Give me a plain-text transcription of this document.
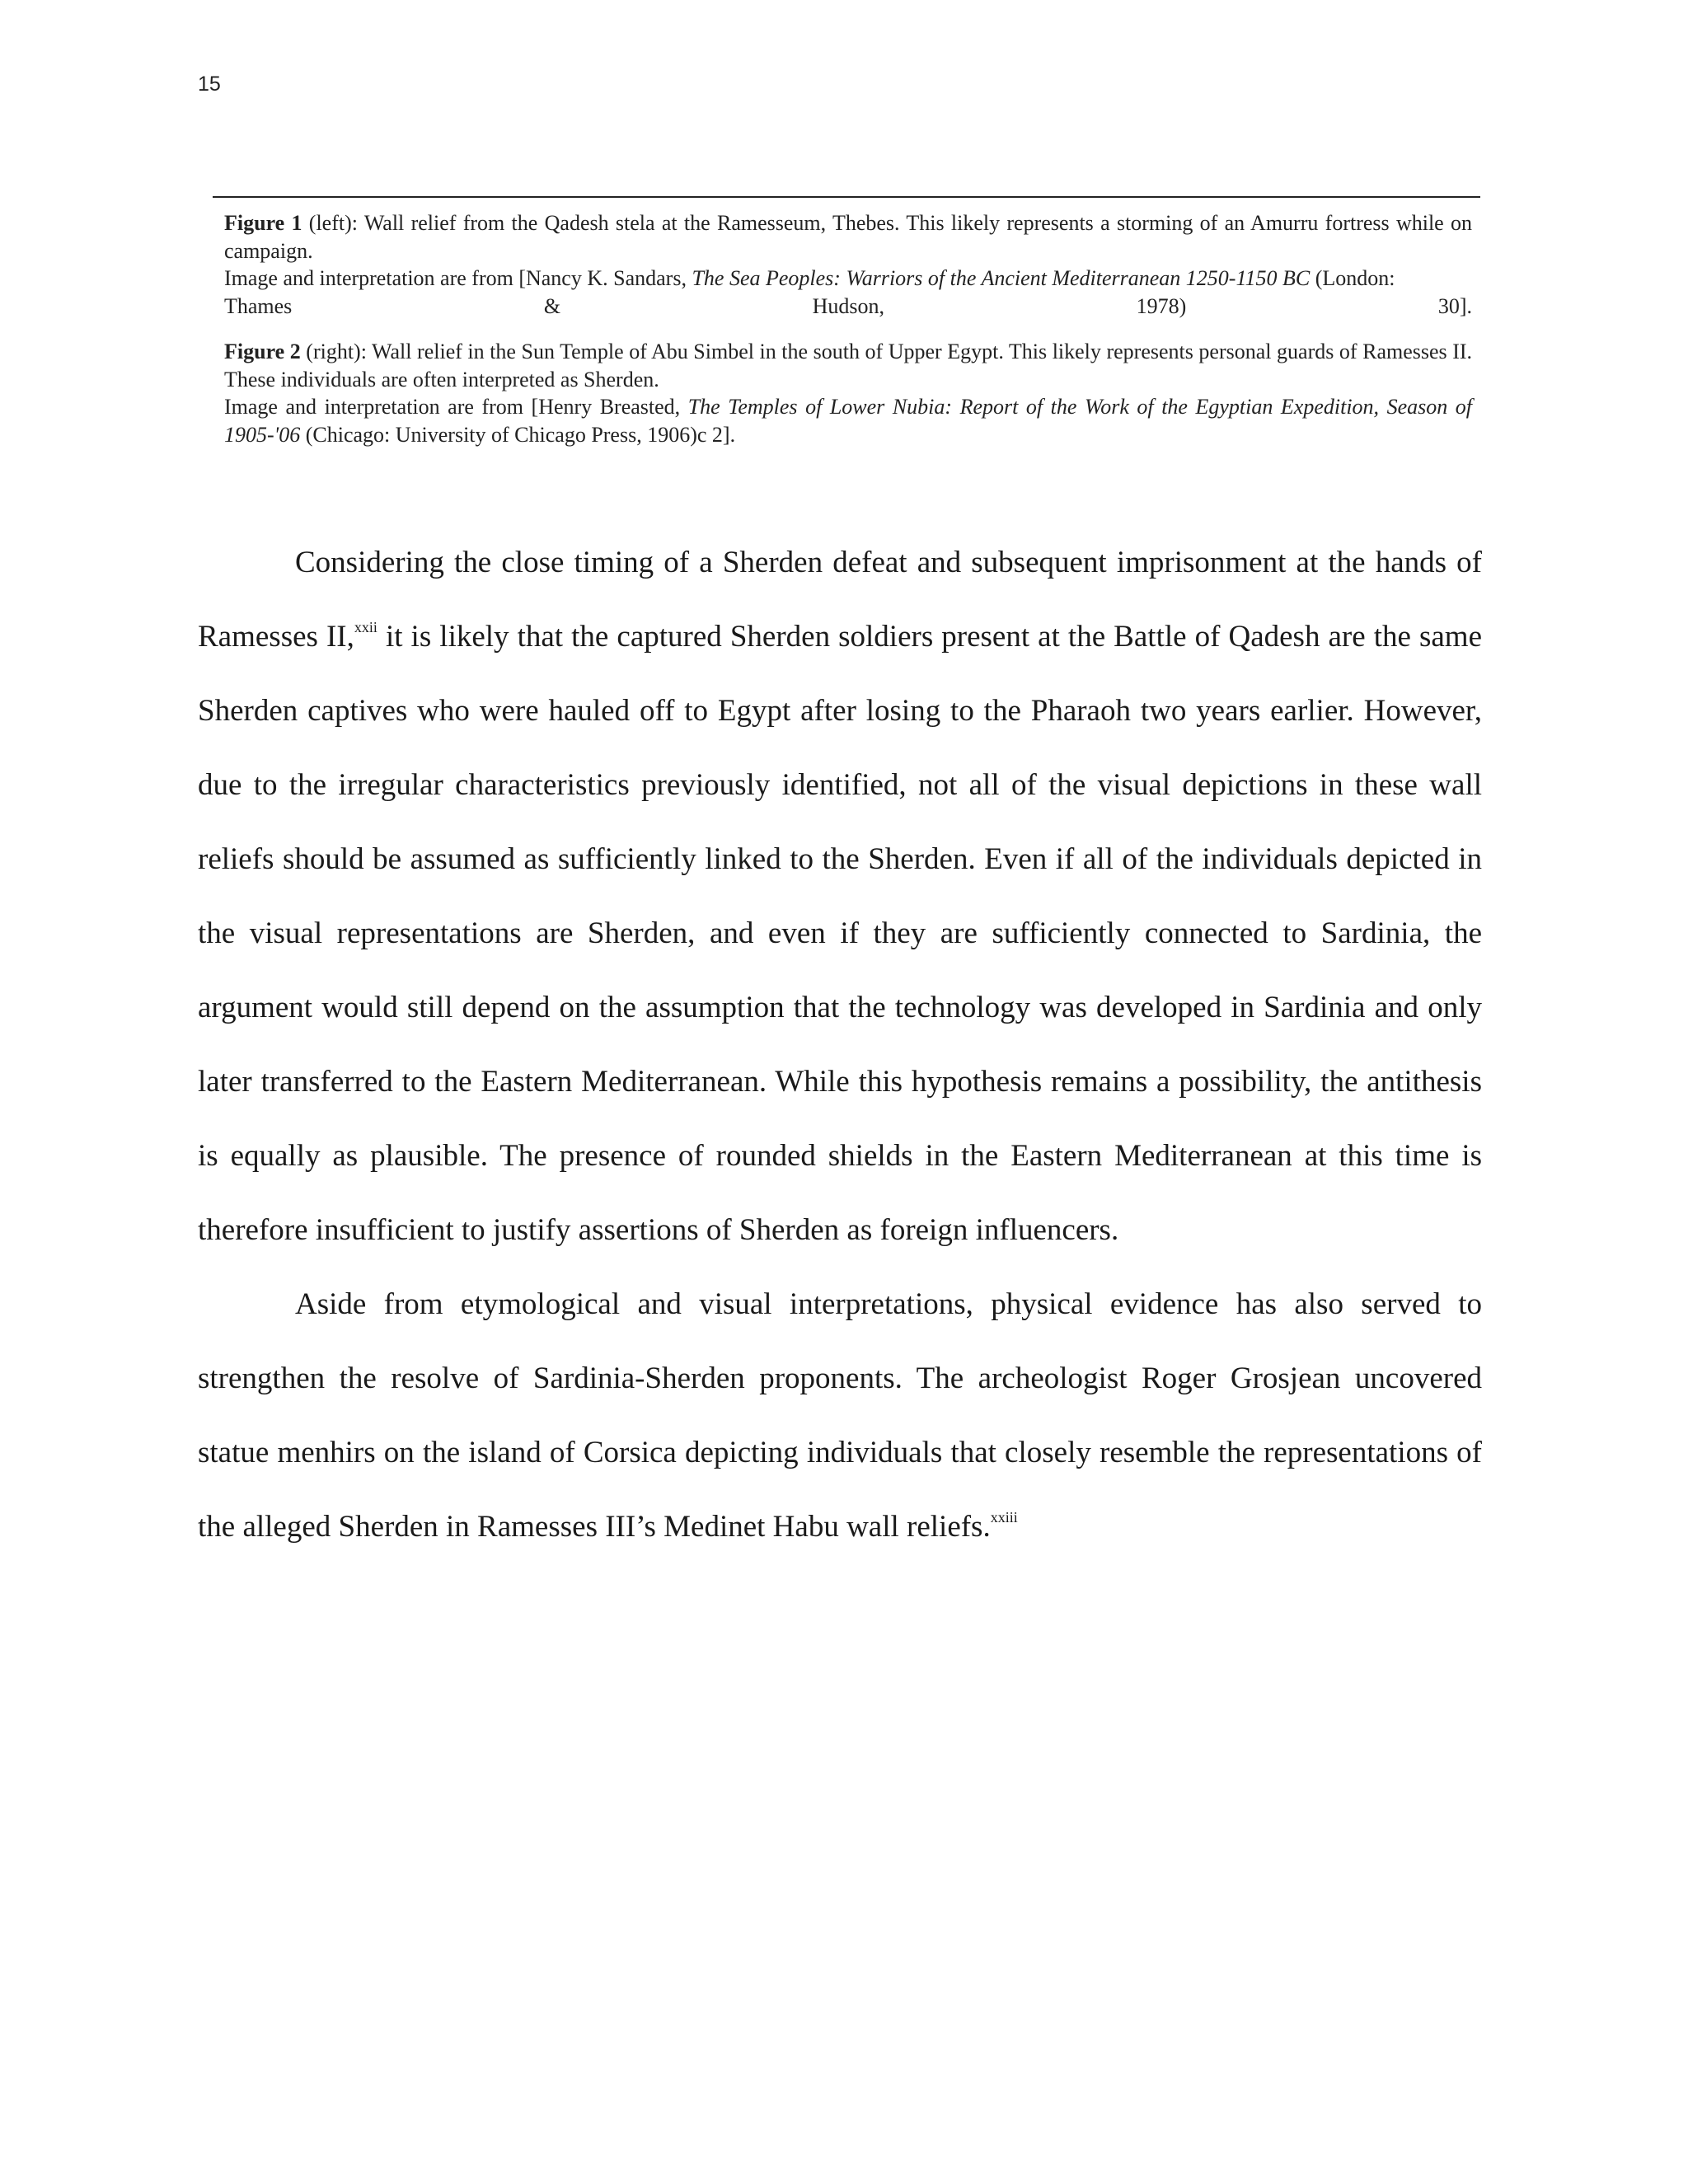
15
Figure 1 (left): Wall relief from the Qadesh stela at the Ramesseum, Thebes. This likely represents a storming of an Amurru fortress while on campaign.
Image and interpretation are from [Nancy K. Sandars, The Sea Peoples: Warriors of the Ancient Mediterranean 1250-1150 BC (London:
Thames	&	Hudson,	1978)	30].
Figure 2 (right): Wall relief in the Sun Temple of Abu Simbel in the south of Upper Egypt. This likely represents personal guards of Ramesses II. These individuals are often interpreted as Sherden.
Image and interpretation are from [Henry Breasted, The Temples of Lower Nubia: Report of the Work of the Egyptian Expedition, Season of 1905-'06 (Chicago: University of Chicago Press, 1906)c 2].

Considering the close timing of a Sherden defeat and subsequent imprisonment at the hands of Ramesses II,$^{xxii}$ it is likely that the captured Sherden soldiers present at the Battle of Qadesh are the same Sherden captives who were hauled off to Egypt after losing to the Pharaoh two years earlier. However, due to the irregular characteristics previously identified, not all of the visual depictions in these wall reliefs should be assumed as sufficiently linked to the Sherden. Even if all of the individuals depicted in the visual representations are Sherden, and even if they are sufficiently connected to Sardinia, the argument would still depend on the assumption that the technology was developed in Sardinia and only later transferred to the Eastern Mediterranean. While this hypothesis remains a possibility, the antithesis is equally as plausible. The presence of rounded shields in the Eastern Mediterranean at this time is therefore insufficient to justify assertions of Sherden as foreign influencers.

Aside from etymological and visual interpretations, physical evidence has also served to strengthen the resolve of Sardinia-Sherden proponents. The archeologist Roger Grosjean uncovered statue menhirs on the island of Corsica depicting individuals that closely resemble the representations of the alleged Sherden in Ramesses III’s Medinet Habu wall reliefs.$^{xxiii}$
